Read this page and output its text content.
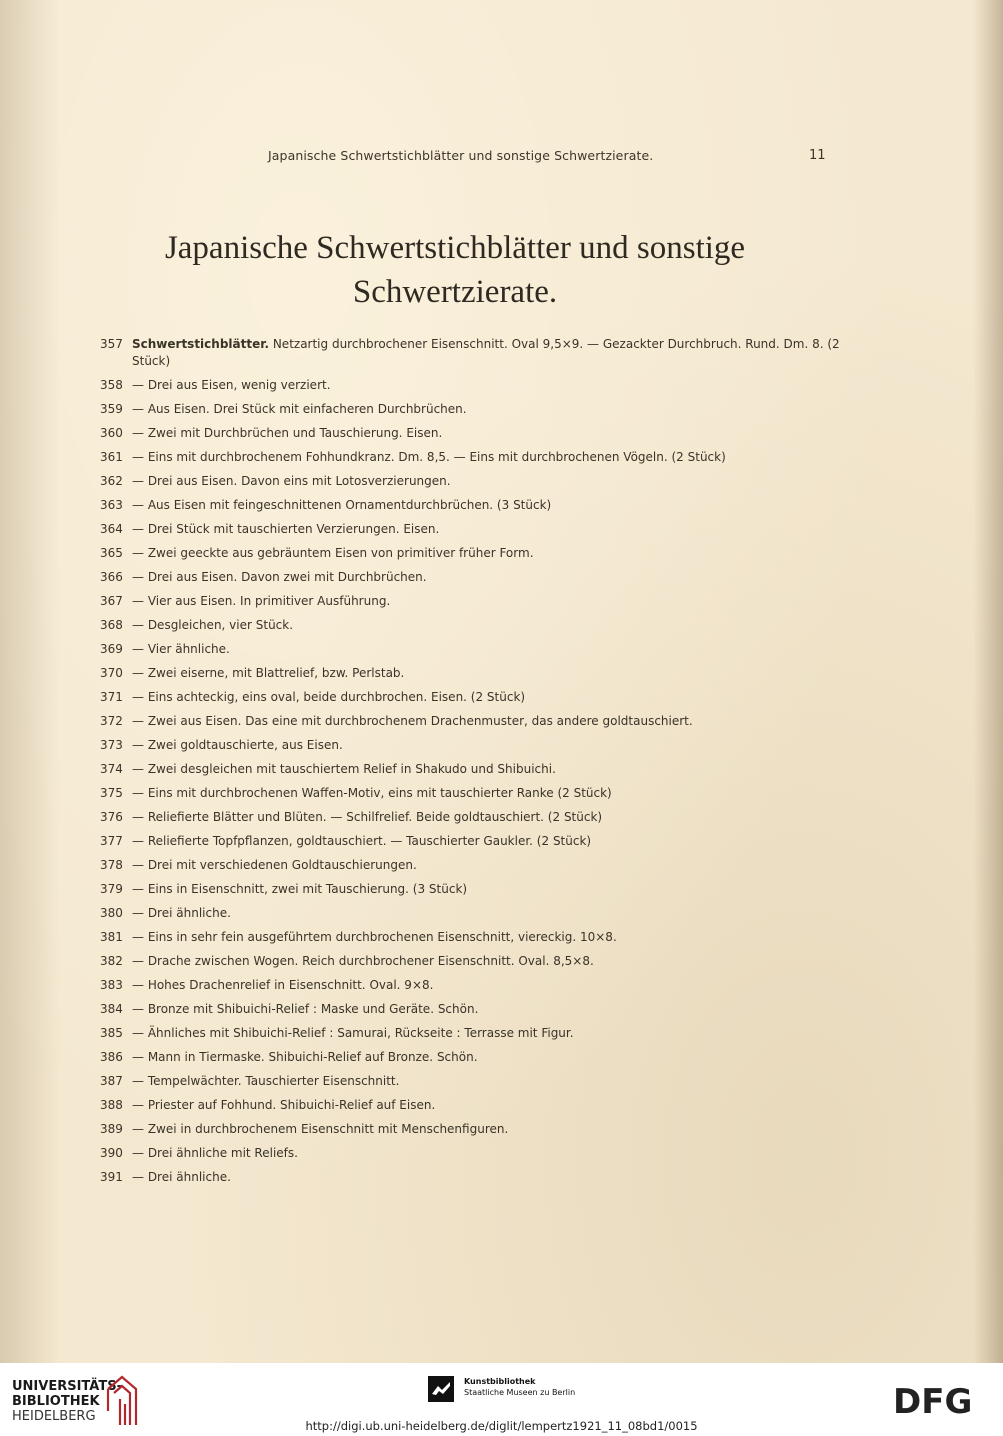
Japanische Schwertstichblätter und sonstige Schwertzierate.	11
Japanische Schwertstichblätter und sonstige
Schwertzierate.
357 Schwertstichblätter. Netzartig durchbrochener Eisenschnitt. Oval 9,5×9. — Gezackter Durchbruch. Rund. Dm. 8. (2 Stück)
358 — Drei aus Eisen, wenig verziert.
359 — Aus Eisen. Drei Stück mit einfacheren Durchbrüchen.
360 — Zwei mit Durchbrüchen und Tauschierung. Eisen.
361 — Eins mit durchbrochenem Fohhundkranz. Dm. 8,5. — Eins mit durchbrochenen Vögeln. (2 Stück)
362 — Drei aus Eisen. Davon eins mit Lotosverzierungen.
363 — Aus Eisen mit feingeschnittenen Ornamentdurchbrüchen. (3 Stück)
364 — Drei Stück mit tauschierten Verzierungen. Eisen.
365 — Zwei geeckte aus gebräuntem Eisen von primitiver früher Form.
366 — Drei aus Eisen. Davon zwei mit Durchbrüchen.
367 — Vier aus Eisen. In primitiver Ausführung.
368 — Desgleichen, vier Stück.
369 — Vier ähnliche.
370 — Zwei eiserne, mit Blattrelief, bzw. Perlstab.
371 — Eins achteckig, eins oval, beide durchbrochen. Eisen. (2 Stück)
372 — Zwei aus Eisen. Das eine mit durchbrochenem Drachenmuster, das andere goldtauschiert.
373 — Zwei goldtauschierte, aus Eisen.
374 — Zwei desgleichen mit tauschiertem Relief in Shakudo und Shibuichi.
375 — Eins mit durchbrochenen Waffen-Motiv, eins mit tauschierter Ranke (2 Stück)
376 — Reliefierte Blätter und Blüten. — Schilfrelief. Beide goldtauschiert. (2 Stück)
377 — Reliefierte Topfpflanzen, goldtauschiert. — Tauschierter Gaukler. (2 Stück)
378 — Drei mit verschiedenen Goldtauschierungen.
379 — Eins in Eisenschnitt, zwei mit Tauschierung. (3 Stück)
380 — Drei ähnliche.
381 — Eins in sehr fein ausgeführtem durchbrochenen Eisenschnitt, viereckig. 10×8.
382 — Drache zwischen Wogen. Reich durchbrochener Eisenschnitt. Oval. 8,5×8.
383 — Hohes Drachenrelief in Eisenschnitt. Oval. 9×8.
384 — Bronze mit Shibuichi-Relief : Maske und Geräte. Schön.
385 — Ähnliches mit Shibuichi-Relief : Samurai, Rückseite : Terrasse mit Figur.
386 — Mann in Tiermaske. Shibuichi-Relief auf Bronze. Schön.
387 — Tempelwächter. Tauschierter Eisenschnitt.
388 — Priester auf Fohhund. Shibuichi-Relief auf Eisen.
389 — Zwei in durchbrochenem Eisenschnitt mit Menschenfiguren.
390 — Drei ähnliche mit Reliefs.
391 — Drei ähnliche.
UNIVERSITÄTS-
BIBLIOTHEK
HEIDELBERG
Kunstbibliothek
Staatliche Museen zu Berlin	DFG
http://digi.ub.uni-heidelberg.de/diglit/lempertz1921_11_08bd1/0015
